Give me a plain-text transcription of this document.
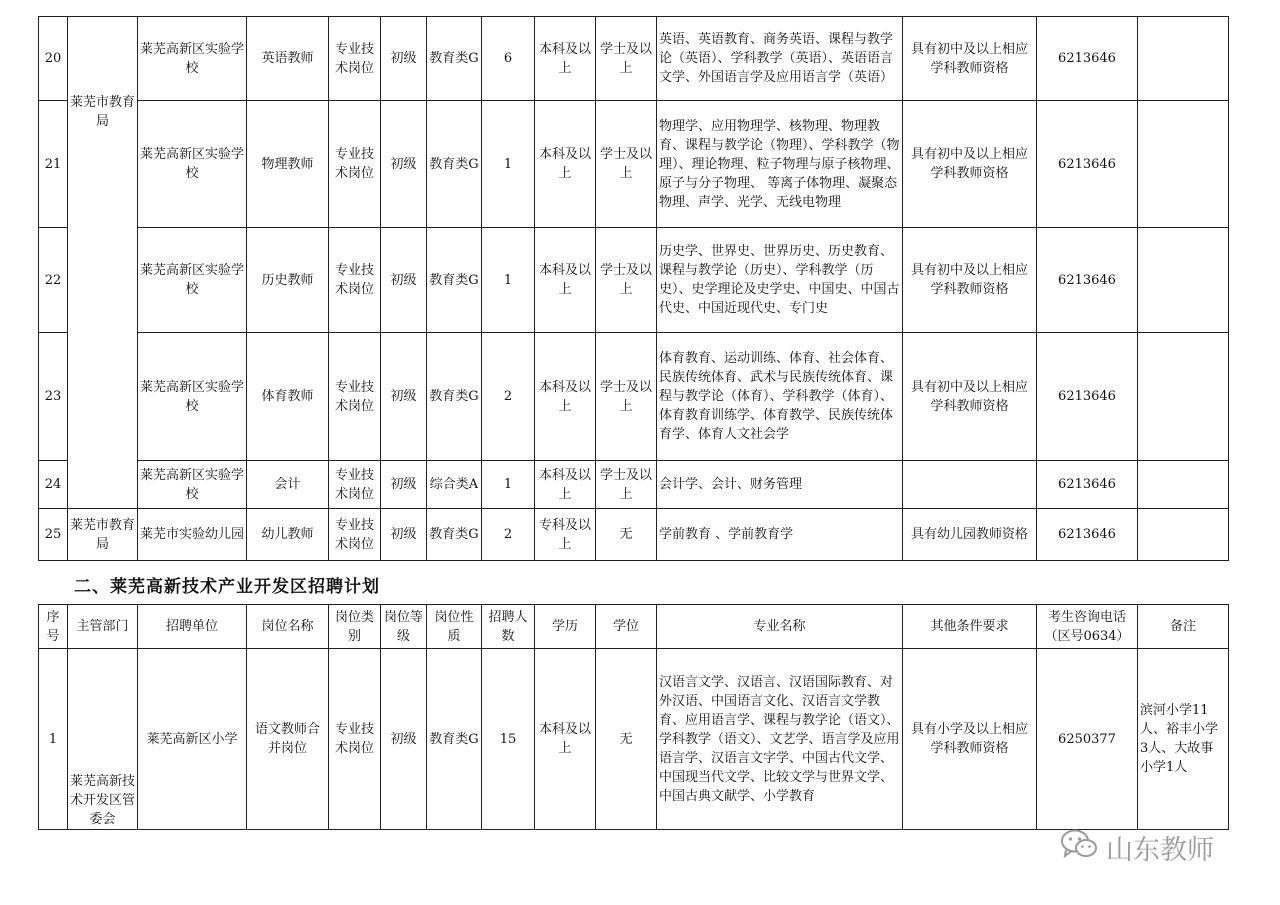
20	莱芜市教育局	莱芜高新区实验学校	英语教师	专业技术岗位	初级	教育类G	6	本科及以上	学士及以上	英语、英语教育、商务英语、课程与教学论（英语）、学科教学（英语）、英语语言文学、外国语言学及应用语言学（英语）	具有初中及以上相应学科教师资格	6213646	
21		莱芜高新区实验学校	物理教师	专业技术岗位	初级	教育类G	1	本科及以上	学士及以上	物理学、应用物理学、核物理、物理教育、课程与教学论（物理）、学科教学（物理）、理论物理、粒子物理与原子核物理、原子与分子物理、 等离子体物理、凝聚态物理、声学、光学、无线电物理	具有初中及以上相应学科教师资格	6213646	
22		莱芜高新区实验学校	历史教师	专业技术岗位	初级	教育类G	1	本科及以上	学士及以上	历史学、世界史、世界历史、历史教育、课程与教学论（历史）、学科教学（历史）、史学理论及史学史、中国史、中国古代史、中国近现代史、专门史	具有初中及以上相应学科教师资格	6213646	
23		莱芜高新区实验学校	体育教师	专业技术岗位	初级	教育类G	2	本科及以上	学士及以上	体育教育、运动训练、体育、社会体育、民族传统体育、武术与民族传统体育、课程与教学论（体育）、学科教学（体育）、体育教育训练学、体育教学、民族传统体育学、体育人文社会学	具有初中及以上相应学科教师资格	6213646	
24		莱芜高新区实验学校	会计	专业技术岗位	初级	综合类A	1	本科及以上	学士及以上	会计学、会计、财务管理		6213646	
25	莱芜市教育局	莱芜市实验幼儿园	幼儿教师	专业技术岗位	初级	教育类G	2	专科及以上	无	学前教育 、学前教育学	具有幼儿园教师资格	6213646	
二、莱芜高新技术产业开发区招聘计划
序号	主管部门	招聘单位	岗位名称	岗位类别	岗位等级	岗位性质	招聘人数	学历	学位	专业名称	其他条件要求	考生咨询电话（区号0634）	备注
1	莱芜高新技术开发区管委会	莱芜高新区小学	语文教师合并岗位	专业技术岗位	初级	教育类G	15	本科及以上	无	汉语言文学、汉语言、汉语国际教育、对外汉语、中国语言文化、汉语言文学教育、应用语言学、课程与教学论（语文）、学科教学（语文）、文艺学、语言学及应用语言学、汉语言文字学、中国古代文学、中国现当代文学、比较文学与世界文学、中国古典文献学、小学教育	具有小学及以上相应学科教师资格	6250377	滨河小学11人、裕丰小学3人、大故事小学1人
山东教师
